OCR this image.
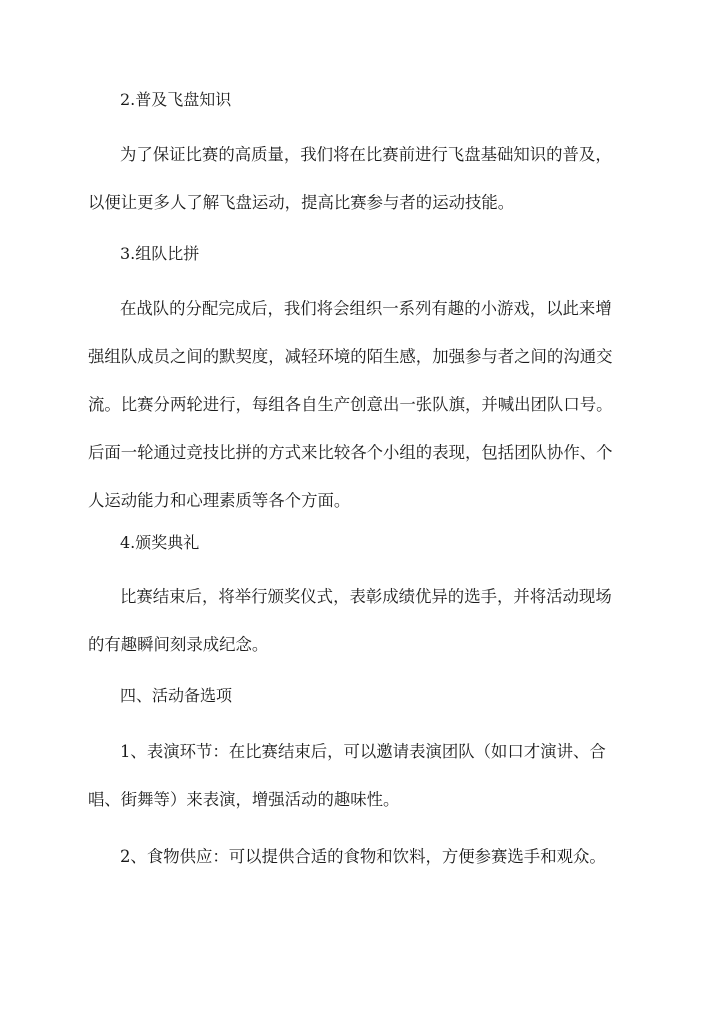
2.普及飞盘知识
为了保证比赛的高质量，我们将在比赛前进行飞盘基础知识的普及，
以便让更多人了解飞盘运动，提高比赛参与者的运动技能。
3.组队比拼
在战队的分配完成后，我们将会组织一系列有趣的小游戏，以此来增
强组队成员之间的默契度，减轻环境的陌生感，加强参与者之间的沟通交
流。比赛分两轮进行，每组各自生产创意出一张队旗，并喊出团队口号。
后面一轮通过竞技比拼的方式来比较各个小组的表现，包括团队协作、个
人运动能力和心理素质等各个方面。
4.颁奖典礼
比赛结束后，将举行颁奖仪式，表彰成绩优异的选手，并将活动现场
的有趣瞬间刻录成纪念。
四、活动备选项
1、表演环节：在比赛结束后，可以邀请表演团队（如口才演讲、合
唱、街舞等）来表演，增强活动的趣味性。
2、食物供应：可以提供合适的食物和饮料，方便参赛选手和观众。
